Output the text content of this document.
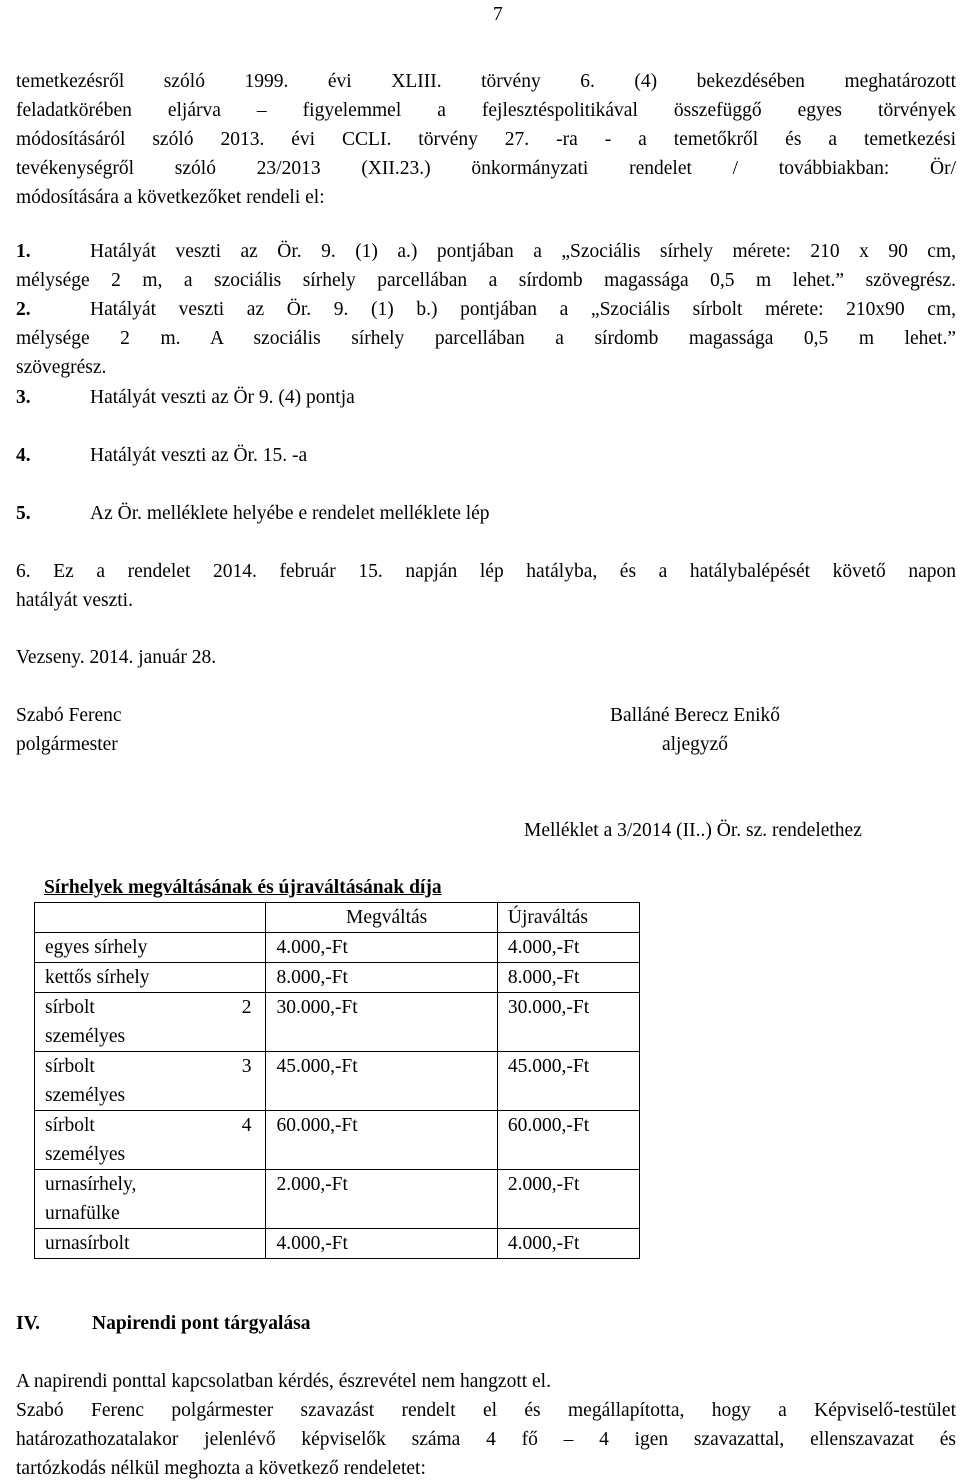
7
temetkezésről szóló 1999. évi XLIII. törvény 6. (4) bekezdésében meghatározott
feladatkörében eljárva – figyelemmel a fejlesztéspolitikával összefüggő egyes törvények
módosításáról szóló 2013. évi CCLI. törvény 27. -ra - a temetőkről és a temetkezési
tevékenységről szóló 23/2013 (XII.23.) önkormányzati rendelet / továbbiakban: Ör/
módosítására a következőket rendeli el:
1.	Hatályát veszti az Ör. 9. (1) a.) pontjában a „Szociális sírhely mérete: 210 x 90 cm,
mélysége 2 m, a szociális sírhely parcellában a sírdomb magassága 0,5 m lehet.” szövegrész.
2.	Hatályát veszti az Ör. 9. (1) b.) pontjában a „Szociális sírbolt mérete: 210x90 cm,
mélysége 2 m. A szociális sírhely parcellában a sírdomb magassága 0,5 m lehet.”
szövegrész.
3.	Hatályát veszti az Ör 9. (4) pontja
4.	Hatályát veszti az Ör. 15. -a
5.	Az Ör. melléklete helyébe e rendelet melléklete lép
6. Ez a rendelet 2014. február 15. napján lép hatályba, és a hatálybalépését követő napon
hatályát veszti.
Vezseny. 2014. január 28.
Szabó Ferenc
polgármester
Balláné Berecz Enikő
aljegyző
Melléklet a 3/2014 (II..) Ör. sz. rendelethez
Sírhelyek megváltásának és újraváltásának díja
	Megváltás	Újraváltás
egyes sírhely	4.000,-Ft	4.000,-Ft
kettős sírhely	8.000,-Ft	8.000,-Ft

sírbolt 2
személyes	30.000,-Ft	30.000,-Ft

sírbolt 3
személyes	45.000,-Ft	45.000,-Ft

sírbolt 4
személyes	60.000,-Ft	60.000,-Ft

urnasírhely,
urnafülke	2.000,-Ft	2.000,-Ft
urnasírbolt	4.000,-Ft	4.000,-Ft
IV.	Napirendi pont tárgyalása
A napirendi ponttal kapcsolatban kérdés, észrevétel nem hangzott el.
Szabó Ferenc polgármester szavazást rendelt el és megállapította, hogy a Képviselő-testület
határozathozatalakor jelenlévő képviselők száma 4 fő – 4 igen szavazattal, ellenszavazat és
tartózkodás nélkül meghozta a következő rendeletet:
